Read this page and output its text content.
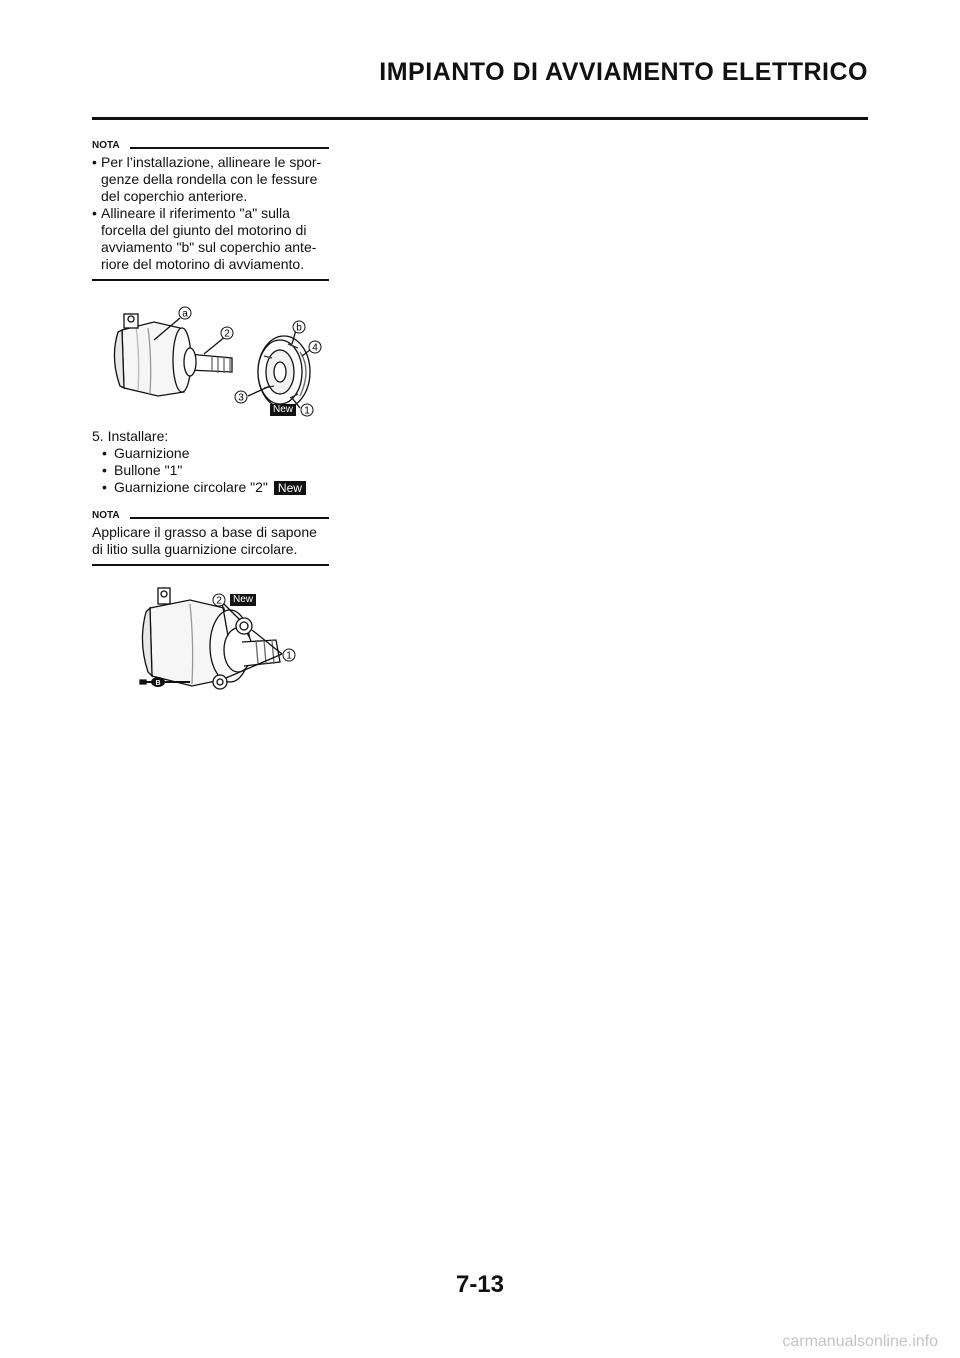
IMPIANTO DI AVVIAMENTO ELETTRICO
NOTA
• Per l’installazione, allineare le spor-genze della rondella con le fessure del coperchio anteriore.
• Allineare il riferimento "a" sulla forcella del giunto del motorino di avviamento "b" sul coperchio ante-riore del motorino di avviamento.
a
2
b
4
3
New	1
5. Installare:
• Guarnizione
• Bullone "1"
• Guarnizione circolare "2" New
NOTA
Applicare il grasso a base di sapone di litio sulla guarnizione circolare.
B
2	New
1
7-13
carmanualsonline.info
